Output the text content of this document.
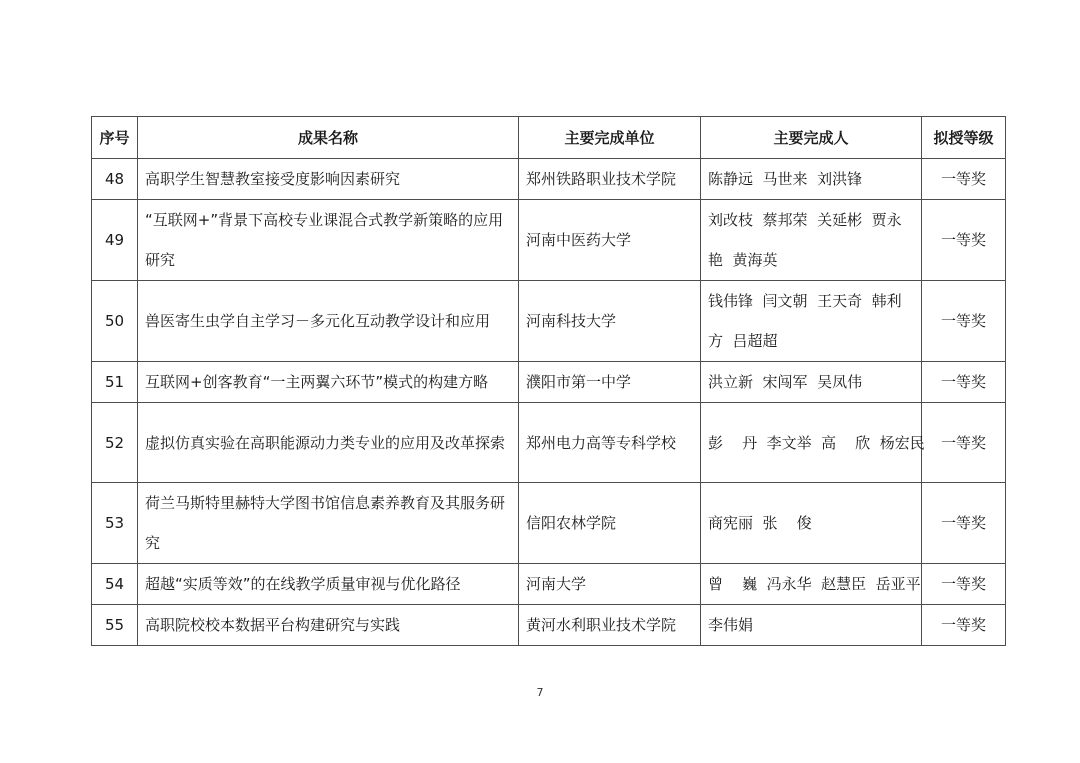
序号	成果名称	主要完成单位	主要完成人	拟授等级
48	高职学生智慧教室接受度影响因素研究	郑州铁路职业技术学院	陈静远  马世来  刘洪锋	一等奖
49	“互联网+”背景下高校专业课混合式教学新策略的应用研究	河南中医药大学	刘改枝  蔡邦荣  关延彬  贾永艳  黄海英	一等奖
50	兽医寄生虫学自主学习－多元化互动教学设计和应用	河南科技大学	钱伟锋  闫文朝  王天奇  韩利方  吕超超	一等奖
51	互联网+创客教育“一主两翼六环节”模式的构建方略	濮阳市第一中学	洪立新  宋闯军  吴凤伟	一等奖
52	虚拟仿真实验在高职能源动力类专业的应用及改革探索	郑州电力高等专科学校	彭    丹  李文举  高    欣  杨宏民	一等奖
53	荷兰马斯特里赫特大学图书馆信息素养教育及其服务研究	信阳农林学院	商宪丽  张    俊	一等奖
54	超越“实质等效”的在线教学质量审视与优化路径	河南大学	曾    巍  冯永华  赵慧臣  岳亚平	一等奖
55	高职院校校本数据平台构建研究与实践	黄河水利职业技术学院	李伟娟	一等奖
7
